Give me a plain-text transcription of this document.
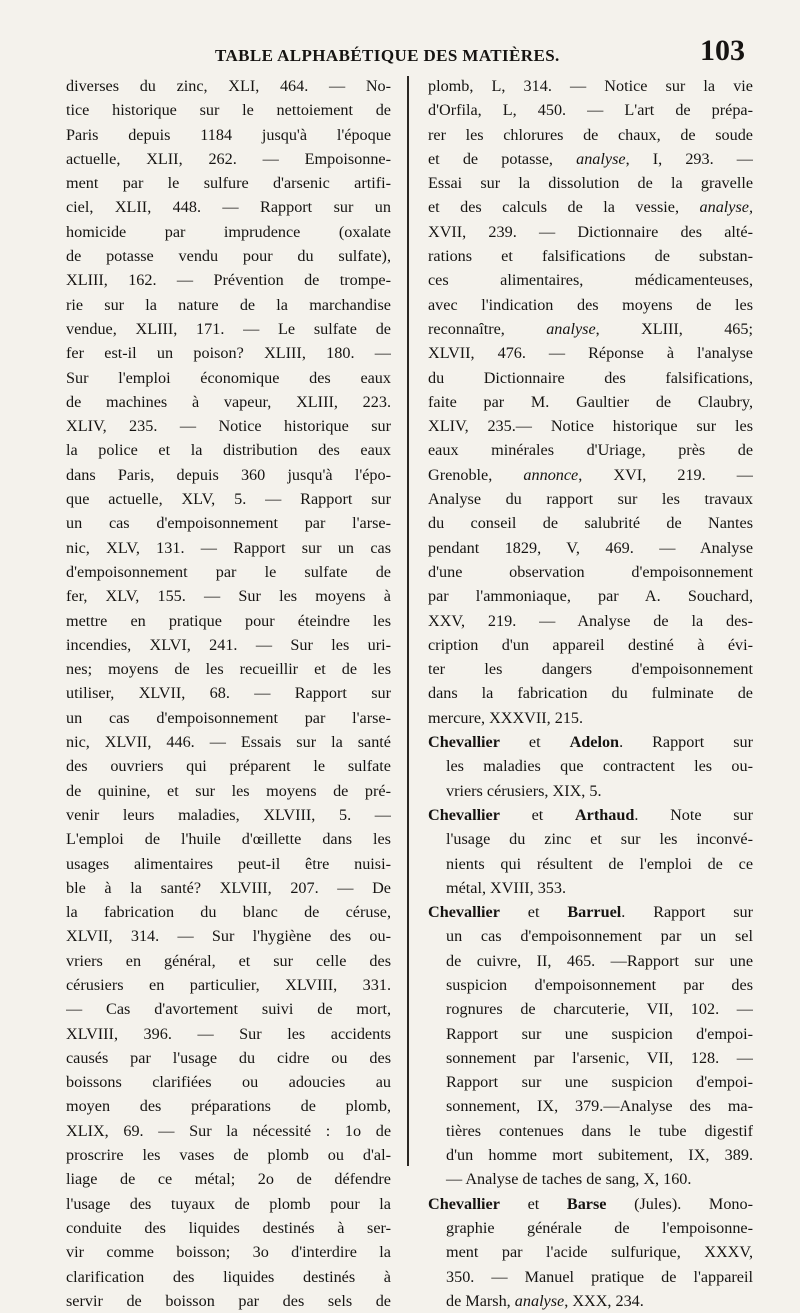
TABLE ALPHABÉTIQUE DES MATIÈRES.	103
diverses du zinc, XLI, 464. — No-
tice historique sur le nettoiement de
Paris depuis 1184 jusqu'à l'époque
actuelle, XLII, 262. — Empoisonne-
ment par le sulfure d'arsenic artifi-
ciel, XLII, 448. — Rapport sur un
homicide par imprudence (oxalate
de potasse vendu pour du sulfate),
XLIII, 162. — Prévention de trompe-
rie sur la nature de la marchandise
vendue, XLIII, 171. — Le sulfate de
fer est-il un poison? XLIII, 180. —
Sur l'emploi économique des eaux
de machines à vapeur, XLIII, 223.
XLIV, 235. — Notice historique sur
la police et la distribution des eaux
dans Paris, depuis 360 jusqu'à l'épo-
que actuelle, XLV, 5. — Rapport sur
un cas d'empoisonnement par l'arse-
nic, XLV, 131. — Rapport sur un cas
d'empoisonnement par le sulfate de
fer, XLV, 155. — Sur les moyens à
mettre en pratique pour éteindre les
incendies, XLVI, 241. — Sur les uri-
nes; moyens de les recueillir et de les
utiliser, XLVII, 68. — Rapport sur
un cas d'empoisonnement par l'arse-
nic, XLVII, 446. — Essais sur la santé
des ouvriers qui préparent le sulfate
de quinine, et sur les moyens de pré-
venir leurs maladies, XLVIII, 5. —
L'emploi de l'huile d'œillette dans les
usages alimentaires peut-il être nuisi-
ble à la santé? XLVIII, 207. — De
la fabrication du blanc de céruse,
XLVII, 314. — Sur l'hygiène des ou-
vriers en général, et sur celle des
cérusiers en particulier, XLVIII, 331.
— Cas d'avortement suivi de mort,
XLVIII, 396. — Sur les accidents
causés par l'usage du cidre ou des
boissons clarifiées ou adoucies au
moyen des préparations de plomb,
XLIX, 69. — Sur la nécessité : 1o de
proscrire les vases de plomb ou d'al-
liage de ce métal; 2o de défendre
l'usage des tuyaux de plomb pour la
conduite des liquides destinés à ser-
vir comme boisson; 3o d'interdire la
clarification des liquides destinés à
servir de boisson par des sels de
plomb, L, 314. — Notice sur la vie
d'Orfila, L, 450. — L'art de prépa-
rer les chlorures de chaux, de soude
et de potasse, analyse, I, 293. —
Essai sur la dissolution de la gravelle
et des calculs de la vessie, analyse,
XVII, 239. — Dictionnaire des alté-
rations et falsifications de substan-
ces alimentaires, médicamenteuses,
avec l'indication des moyens de les
reconnaître,	analyse, XLIII, 465;
XLVII, 476. — Réponse à l'analyse
du Dictionnaire des falsifications,
faite par M. Gaultier de Claubry,
XLIV, 235.— Notice historique sur les
eaux minérales d'Uriage, près de
Grenoble, annonce, XVI, 219. —
Analyse du rapport sur les travaux
du conseil de salubrité de Nantes
pendant 1829, V, 469. — Analyse
d'une observation d'empoisonnement
par l'ammoniaque, par A. Souchard,
XXV, 219. — Analyse de la des-
cription d'un appareil destiné à évi-
ter les dangers d'empoisonnement
dans la fabrication du fulminate de
mercure, XXXVII, 215.
Chevallier et Adelon. Rapport sur
les maladies que contractent les ou-
vriers cérusiers, XIX, 5.
Chevallier et Arthaud. Note sur
l'usage du zinc et sur les inconvé-
nients qui résultent de l'emploi de ce
métal, XVIII, 353.
Chevallier et Barruel. Rapport sur
un cas d'empoisonnement par un sel
de cuivre, II, 465. —Rapport sur une
suspicion d'empoisonnement par des
rognures de charcuterie, VII, 102. —
Rapport sur une suspicion d'empoi-
sonnement par l'arsenic, VII, 128. —
Rapport sur une suspicion d'empoi-
sonnement, IX, 379.—Analyse des ma-
tières contenues dans le tube digestif
d'un homme mort subitement, IX, 389.
— Analyse de taches de sang, X, 160.
Chevallier et Barse (Jules). Mono-
graphie générale de l'empoisonne-
ment par l'acide sulfurique, XXXV,
350. — Manuel pratique de l'appareil
de Marsh, analyse, XXX, 234.
